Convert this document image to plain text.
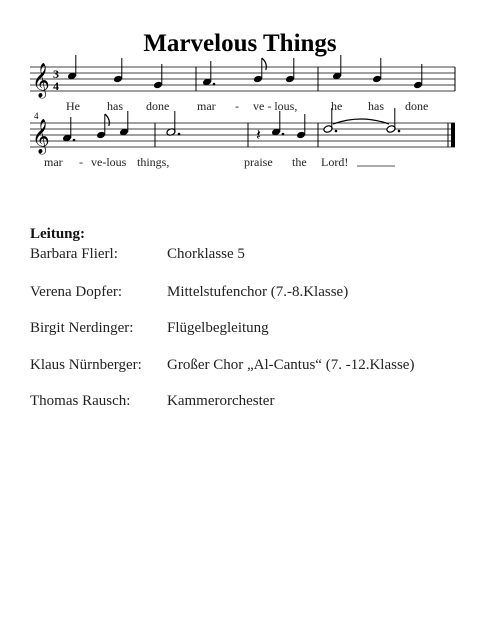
Marvelous Things
𝄞 3
4
He has done mar - ve - lous,	he has done
4
𝄞	𝄽
mar - ve-lous things,	praise the Lord!
Leitung:
Barbara Flierl:	Chorklasse 5
Verena Dopfer:	Mittelstufenchor (7.-8.Klasse)
Birgit Nerdinger: Flügelbegleitung
Klaus Nürnberger: Großer Chor „Al-Cantus“ (7. -12.Klasse)
Thomas Rausch: Kammerorchester
